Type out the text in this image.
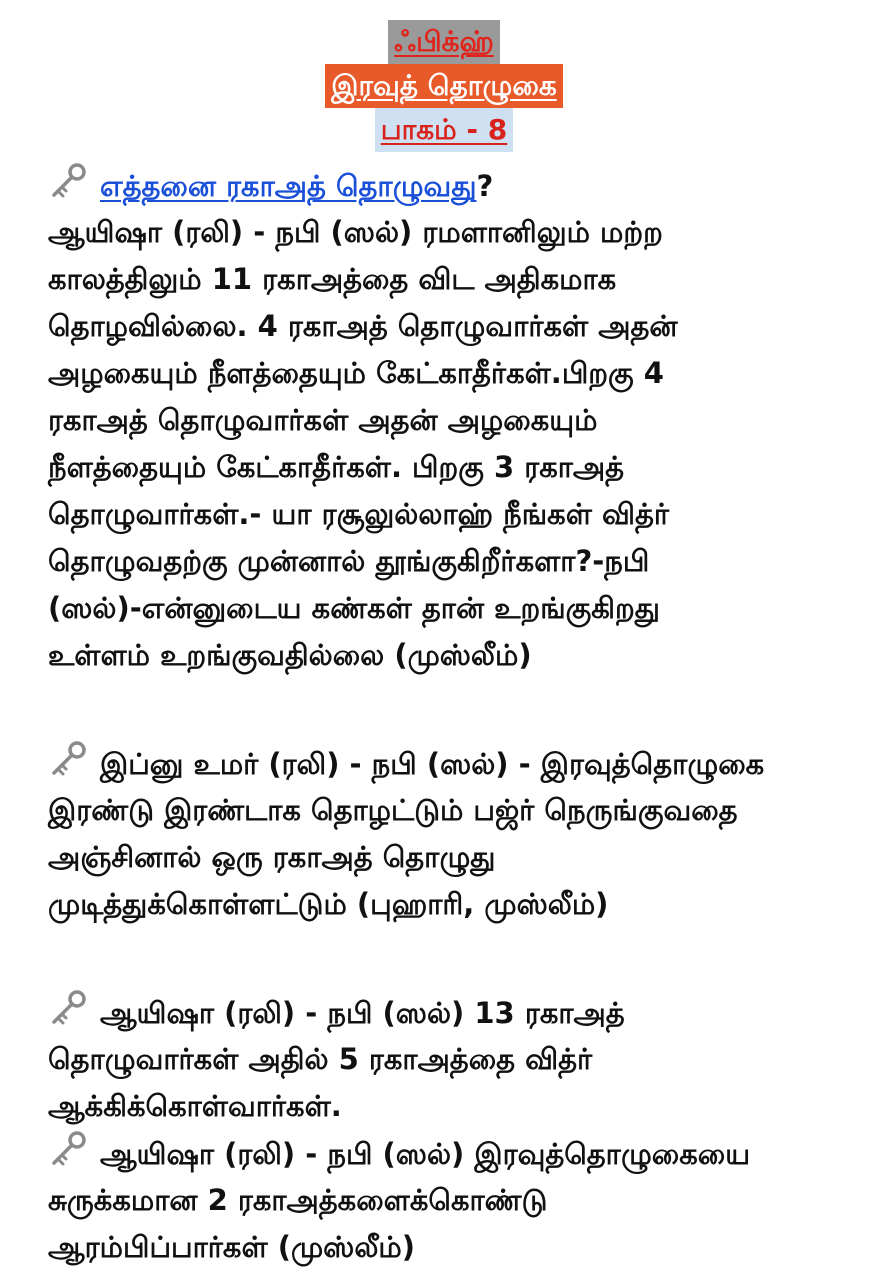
ஃபிக்ஹ்
இரவுத் தொழுகை
பாகம் - 8
எத்தனை ரகாஅத் தொழுவது?
ஆயிஷா (ரலி) - நபி (ஸல்) ரமளானிலும் மற்ற
காலத்திலும் 11 ரகாஅத்தை விட அதிகமாக
தொழவில்லை. 4 ரகாஅத் தொழுவார்கள் அதன்
அழகையும் நீளத்தையும் கேட்காதீர்கள்.பிறகு 4
ரகாஅத் தொழுவார்கள் அதன் அழகையும்
நீளத்தையும் கேட்காதீர்கள். பிறகு 3 ரகாஅத்
தொழுவார்கள்.- யா ரசூலுல்லாஹ் நீங்கள் வித்ர்
தொழுவதற்கு முன்னால் தூங்குகிறீர்களா?-நபி
(ஸல்)-என்னுடைய கண்கள் தான் உறங்குகிறது
உள்ளம் உறங்குவதில்லை (முஸ்லீம்)
இப்னு உமர் (ரலி) - நபி (ஸல்) - இரவுத்தொழுகை
இரண்டு இரண்டாக தொழட்டும் பஜ்ர் நெருங்குவதை
அஞ்சினால் ஒரு ரகாஅத் தொழுது
முடித்துக்கொள்ளட்டும் (புஹாரி, முஸ்லீம்)
ஆயிஷா (ரலி) - நபி (ஸல்) 13 ரகாஅத்
தொழுவார்கள் அதில் 5 ரகாஅத்தை வித்ர்
ஆக்கிக்கொள்வார்கள்.
ஆயிஷா (ரலி) - நபி (ஸல்) இரவுத்தொழுகையை
சுருக்கமான 2 ரகாஅத்களைக்கொண்டு
ஆரம்பிப்பார்கள் (முஸ்லீம்)
